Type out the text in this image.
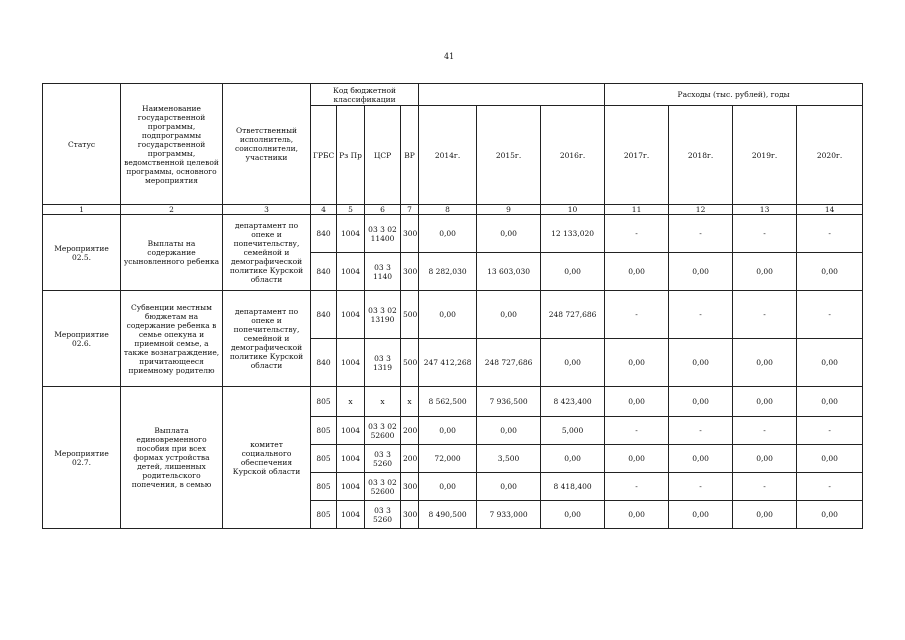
41
Статус	Наименование государственной программы, подпрограммы государственной программы, ведомственной целевой программы, основного мероприятия	Ответственный исполнитель, соисполнители, участники	Код бюджетной классификации							Расходы (тыс. рублей), годы			
			ГРБС	Рз Пр	ЦСР	ВР	2014г.	2015г.	2016г.	2017г.	2018г.	2019г.	2020г.
1	2	3	4	5	6	7	8	9	10	11	12	13	14
Мероприятие 02.5.	Выплаты на содержание усыновленного ребенка	департамент по опеке и попечительству, семейной и демографической политике Курской области	840	1004	03 3 02 11400	300	0,00	0,00	12 133,020	-	-	-	-
			840	1004	03 3 1140	300	8 282,030	13 603,030	0,00	0,00	0,00	0,00	0,00
Мероприятие 02.6.	Субвенции местным бюджетам на содержание ребенка в семье опекуна и приемной семье, а также вознаграждение, причитающееся приемному родителю	департамент по опеке и попечительству, семейной и демографической политике Курской области	840	1004	03 3 02 13190	500	0,00	0,00	248 727,686	-	-	-	-
			840	1004	03 3 1319	500	247 412,268	248 727,686	0,00	0,00	0,00	0,00	0,00
Мероприятие 02.7.	Выплата единовременного пособия при всех формах устройства детей, лишенных родительского попечения, в семью	комитет социального обеспечения Курской области	805	x	x	x	8 562,500	7 936,500	8 423,400	0,00	0,00	0,00	0,00
			805	1004	03 3 02 52600	200	0,00	0,00	5,000	-	-	-	-
			805	1004	03 3 5260	200	72,000	3,500	0,00	0,00	0,00	0,00	0,00
			805	1004	03 3 02 52600	300	0,00	0,00	8 418,400	-	-	-	-
			805	1004	03 3 5260	300	8 490,500	7 933,000	0,00	0,00	0,00	0,00	0,00
